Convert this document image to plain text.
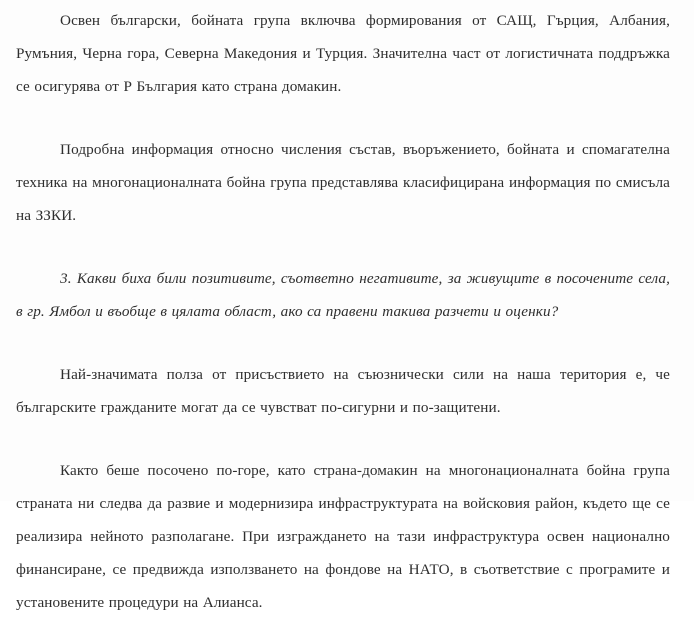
Освен български, бойната група включва формирования от САЩ, Гърция, Албания, Румъния, Черна гора, Северна Македония и Турция. Значителна част от логистичната поддръжка се осигурява от Р България като страна домакин.

Подробна информация относно числения състав, въоръжението, бойната и спомагателна техника на многонационалната бойна група представлява класифицирана информация по смисъла на ЗЗКИ.

3. Какви биха били позитивите, съответно негативите, за живущите в посочените села, в гр. Ямбол и въобще в цялата област, ако са правени такива разчети и оценки?

Най-значимата полза от присъствието на съюзнически сили на наша територия е, че българските гражданите могат да се чувстват по-сигурни и по-защитени.

Както беше посочено по-горе, като страна-домакин на многонационалната бойна група страната ни следва да развие и модернизира инфраструктурата на войсковия район, където ще се реализира нейното разполагане. При изграждането на тази инфраструктура освен национално финансиране, се предвижда използването на фондове на НАТО, в съответствие с програмите и установените процедури на Алианса.
